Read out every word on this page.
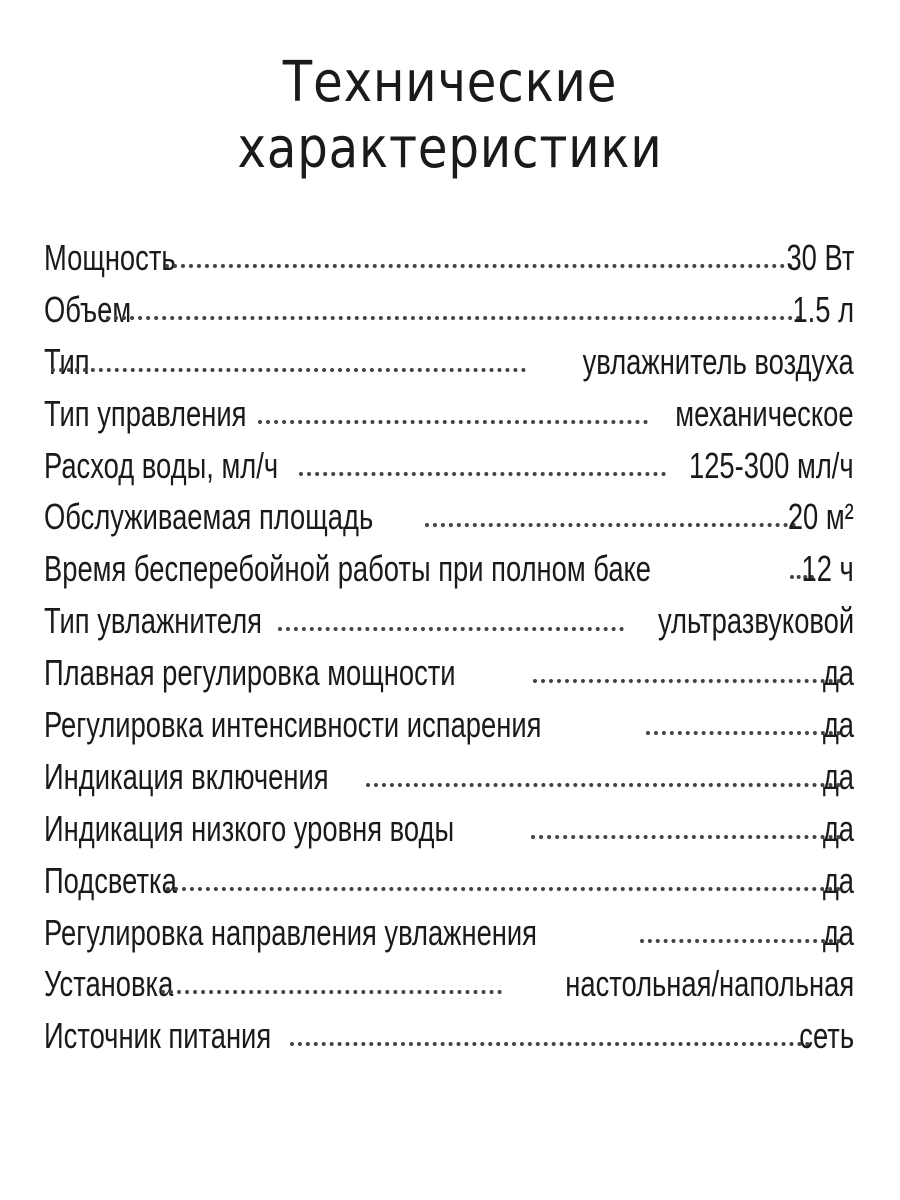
Технические
характеристики
Мощность	30 Вт
Объем	1.5 л
Тип	увлажнитель воздуха
Тип управления	механическое
Расход воды, мл/ч	125-300 мл/ч
Обслуживаемая площадь	20 м²
Время бесперебойной работы при полном баке	12 ч
Тип увлажнителя	ультразвуковой
Плавная регулировка мощности	да
Регулировка интенсивности испарения	да
Индикация включения	да
Индикация низкого уровня воды	да
Подсветка	да
Регулировка направления увлажнения	да
Установка	настольная/напольная
Источник питания	сеть
